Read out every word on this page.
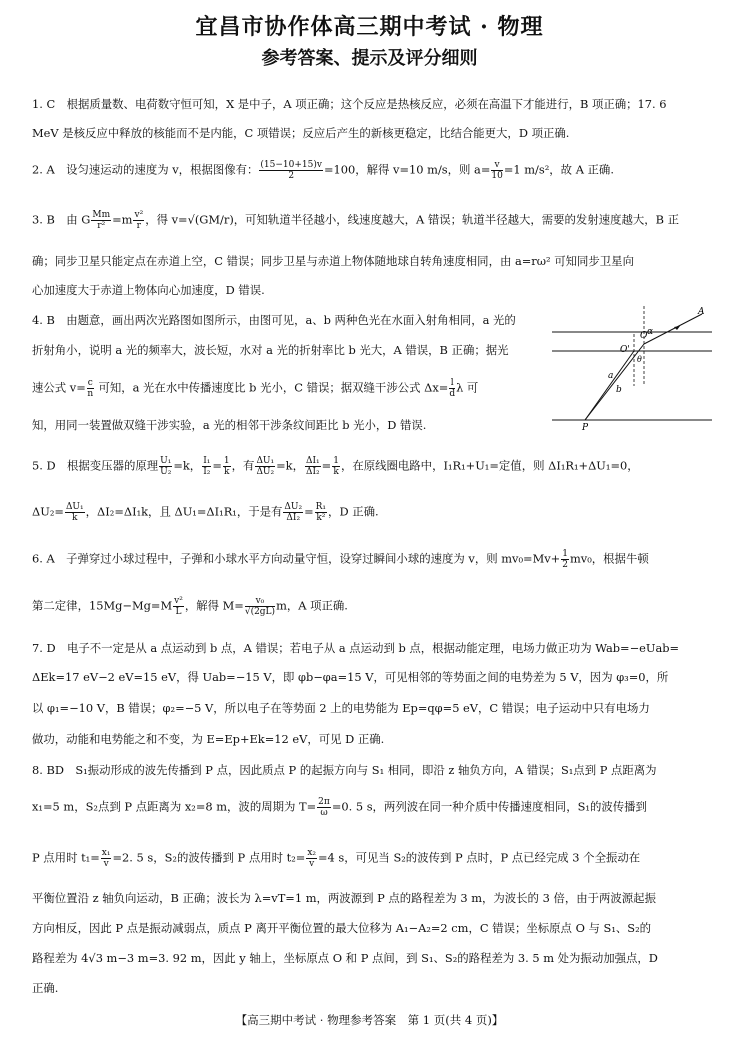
宜昌市协作体高三期中考试 · 物理
参考答案、提示及评分细则
1. C　根据质量数、电荷数守恒可知，X 是中子，A 项正确；这个反应是热核反应，必须在高温下才能进行，B 项正确；17. 6
MeV 是核反应中释放的核能而不是内能，C 项错误；反应后产生的新核更稳定，比结合能更大，D 项正确.
2. A　设匀速运动的速度为 v，根据图像有： $\frac{(15-10+15)v}{2} =100$，解得 v=10 m/s，则 $a= \frac{v}{10} =1$ m/s²，故 A 正确.
3. B　由 G $\frac{Mm}{\text{r²}} =m \frac{\text{v²}}{r}$ ，得 v=√(GM/r)，可知轨道半径越小，线速度越大，A 错误；轨道半径越大，需要的发射速度越大，B 正
确；同步卫星只能定点在赤道上空，C 错误；同步卫星与赤道上物体随地球自转角速度相同，由 a=rω² 可知同步卫星向
心加速度大于赤道上物体向心加速度，D 错误.
4. B　由题意，画出两次光路图如图所示，由图可见，a、b 两种色光在水面入射角相同，a 光的
折射角小，说明 a 光的频率大，波长短，水对 a 光的折射率比 b 光大，A 错误，B 正确；据光
速公式 $v= \frac{c}{n}$ 可知，a 光在水中传播速度比 b 光小，C 错误；据双缝干涉公式 $\Delta x= \frac{l}{d}$ λ 可
知，用同一装置做双缝干涉实验，a 光的相邻干涉条纹间距比 b 光小，D 错误.
A
O
O'
α
θ
a
b
P
5. D　根据变压器的原理 $\frac{\text{U₁}}{\text{U₂}} =k$， $\frac{\text{I₁}}{\text{I₂}} = \frac{1}{k}$ ，有 $\frac{\text{ΔU₁}}{\text{ΔU₂}} =k$， $\frac{\text{ΔI₁}}{\text{ΔI₂}} = \frac{1}{k}$ ，在原线圈电路中，I₁R₁+U₁=定值，则 ΔI₁R₁+ΔU₁=0，
$\Delta U_2= \frac{\text{ΔU₁}}{k}$ ，ΔI₂=ΔI₁k，且 ΔU₁=ΔI₁R₁，于是有 $\frac{\text{ΔU₂}}{\text{ΔI₂}} = \frac{\text{R₁}}{\text{k²}}$ ，D 正确.
6. A　子弹穿过小球过程中，子弹和小球水平方向动量守恒，设穿过瞬间小球的速度为 v，则 $mv_0=Mv+ \frac{1}{2} mv_0$，根据牛顿
第二定律，$15Mg-Mg=M \frac{\text{v²}}{L}$ ，解得 $M= \frac{\text{v₀}}{√(2gL)}$ m，A 项正确.
7. D　电子不一定是从 a 点运动到 b 点，A 错误；若电子从 a 点运动到 b 点，根据动能定理，电场力做正功为 Wab=−eUab=
ΔEk=17 eV−2 eV=15 eV，得 Uab=−15 V，即 φb−φa=15 V，可见相邻的等势面之间的电势差为 5 V，因为 φ₃=0，所
以 φ₁=−10 V，B 错误；φ₂=−5 V，所以电子在等势面 2 上的电势能为 Ep=qφ=5 eV，C 错误；电子运动中只有电场力
做功，动能和电势能之和不变，为 E=Ep+Ek=12 eV，可见 D 正确.
8. BD　S₁振动形成的波先传播到 P 点，因此质点 P 的起振方向与 S₁ 相同，即沿 z 轴负方向，A 错误；S₁点到 P 点距离为
x₁=5 m，S₂点到 P 点距离为 x₂=8 m，波的周期为 $T= \frac{2\pi}{\omega} =0$. 5 s，两列波在同一种介质中传播速度相同，S₁的波传播到
P 点用时 $t_1= \frac{\text{x₁}}{v} =2$. 5 s，S₂的波传播到 P 点用时 $t_2= \frac{\text{x₂}}{v} =4$ s，可见当 S₂的波传到 P 点时，P 点已经完成 3 个全振动在
平衡位置沿 z 轴负向运动，B 正确；波长为 λ=vT=1 m，两波源到 P 点的路程差为 3 m，为波长的 3 倍，由于两波源起振
方向相反，因此 P 点是振动减弱点，质点 P 离开平衡位置的最大位移为 A₁−A₂=2 cm，C 错误；坐标原点 O 与 S₁、S₂的
路程差为 4√3 m−3 m=3. 92 m，因此 y 轴上，坐标原点 O 和 P 点间，到 S₁、S₂的路程差为 3. 5 m 处为振动加强点，D
正确.
【高三期中考试 · 物理参考答案　第 1 页(共 4 页)】
